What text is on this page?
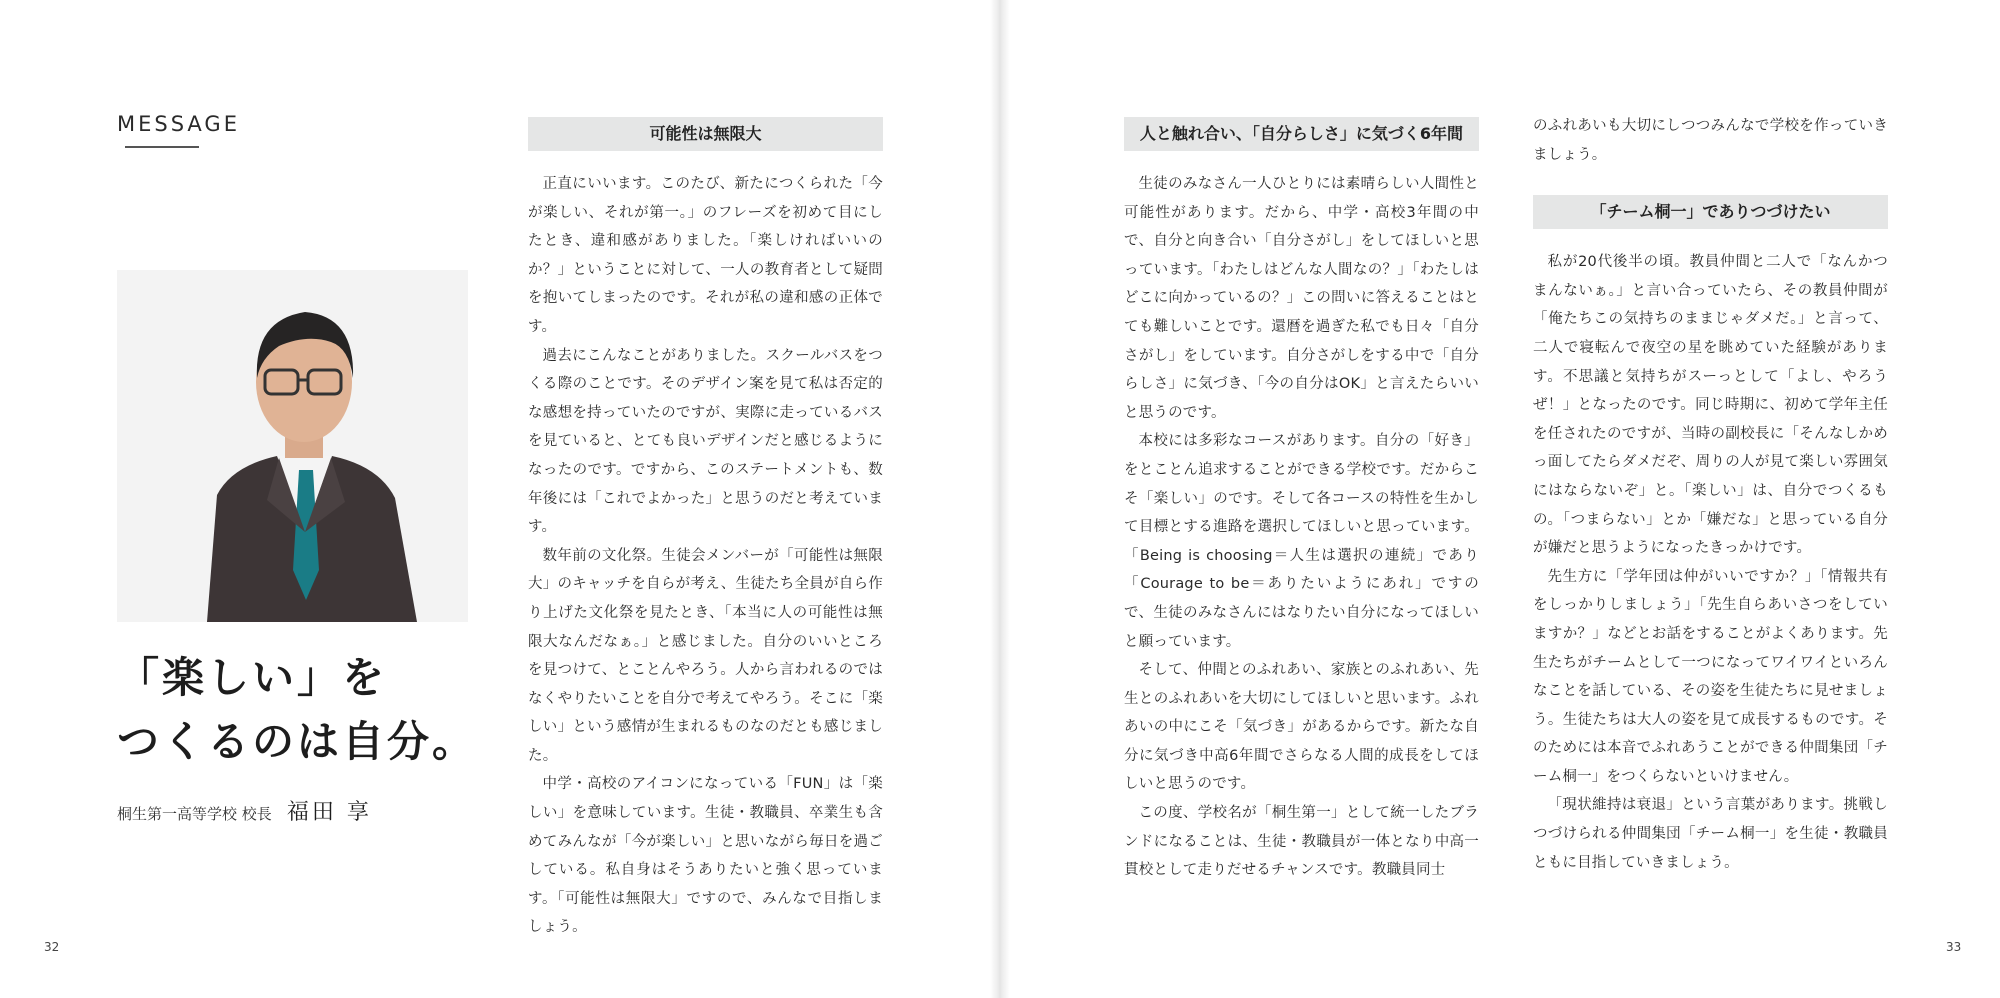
MESSAGE
「楽しい」を
つくるのは自分。
桐生第一高等学校 校長 福田 享
可能性は無限大

正直にいいます。このたび、新たにつくられた「今が楽しい、それが第一。」のフレーズを初めて目にしたとき、違和感がありました。「楽しければいいのか？」ということに対して、一人の教育者として疑問を抱いてしまったのです。それが私の違和感の正体です。

過去にこんなことがありました。スクールバスをつくる際のことです。そのデザイン案を見て私は否定的な感想を持っていたのですが、実際に走っているバスを見ていると、とても良いデザインだと感じるようになったのです。ですから、このステートメントも、数年後には「これでよかった」と思うのだと考えています。

数年前の文化祭。生徒会メンバーが「可能性は無限大」のキャッチを自らが考え、生徒たち全員が自ら作り上げた文化祭を見たとき、「本当に人の可能性は無限大なんだなぁ。」と感じました。自分のいいところを見つけて、とことんやろう。人から言われるのではなくやりたいことを自分で考えてやろう。そこに「楽しい」という感情が生まれるものなのだとも感じました。

中学・高校のアイコンになっている「FUN」は「楽しい」を意味しています。生徒・教職員、卒業生も含めてみんなが「今が楽しい」と思いながら毎日を過ごしている。私自身はそうありたいと強く思っています。「可能性は無限大」ですので、みんなで目指しましょう。

32
人と触れ合い、「自分らしさ」に気づく6年間

生徒のみなさん一人ひとりには素晴らしい人間性と可能性があります。だから、中学・高校3年間の中で、自分と向き合い「自分さがし」をしてほしいと思っています。「わたしはどんな人間なの？」「わたしはどこに向かっているの？」この問いに答えることはとても難しいことです。還暦を過ぎた私でも日々「自分さがし」をしています。自分さがしをする中で「自分らしさ」に気づき、「今の自分はOK」と言えたらいいと思うのです。

本校には多彩なコースがあります。自分の「好き」をとことん追求することができる学校です。だからこそ「楽しい」のです。そして各コースの特性を生かして目標とする進路を選択してほしいと思っています。「Being is choosing＝人生は選択の連続」であり「Courage to be＝ありたいようにあれ」ですので、生徒のみなさんにはなりたい自分になってほしいと願っています。

そして、仲間とのふれあい、家族とのふれあい、先生とのふれあいを大切にしてほしいと思います。ふれあいの中にこそ「気づき」があるからです。新たな自分に気づき中高6年間でさらなる人間的成長をしてほしいと思うのです。

この度、学校名が「桐生第一」として統一したブランドになることは、生徒・教職員が一体となり中高一貫校として走りだせるチャンスです。教職員同士

のふれあいも大切にしつつみんなで学校を作っていきましょう。

「チーム桐一」でありつづけたい

私が20代後半の頃。教員仲間と二人で「なんかつまんないぁ。」と言い合っていたら、その教員仲間が「俺たちこの気持ちのままじゃダメだ。」と言って、二人で寝転んで夜空の星を眺めていた経験があります。不思議と気持ちがスーっとして「よし、やろうぜ！」となったのです。同じ時期に、初めて学年主任を任されたのですが、当時の副校長に「そんなしかめっ面してたらダメだぞ、周りの人が見て楽しい雰囲気にはならないぞ」と。「楽しい」は、自分でつくるもの。「つまらない」とか「嫌だな」と思っている自分が嫌だと思うようになったきっかけです。

先生方に「学年団は仲がいいですか？」「情報共有をしっかりしましょう」「先生自らあいさつをしていますか？」などとお話をすることがよくあります。先生たちがチームとして一つになってワイワイといろんなことを話している、その姿を生徒たちに見せましょう。生徒たちは大人の姿を見て成長するものです。そのためには本音でふれあうことができる仲間集団「チーム桐一」をつくらないといけません。

「現状維持は衰退」という言葉があります。挑戦しつづけられる仲間集団「チーム桐一」を生徒・教職員ともに目指していきましょう。

33
